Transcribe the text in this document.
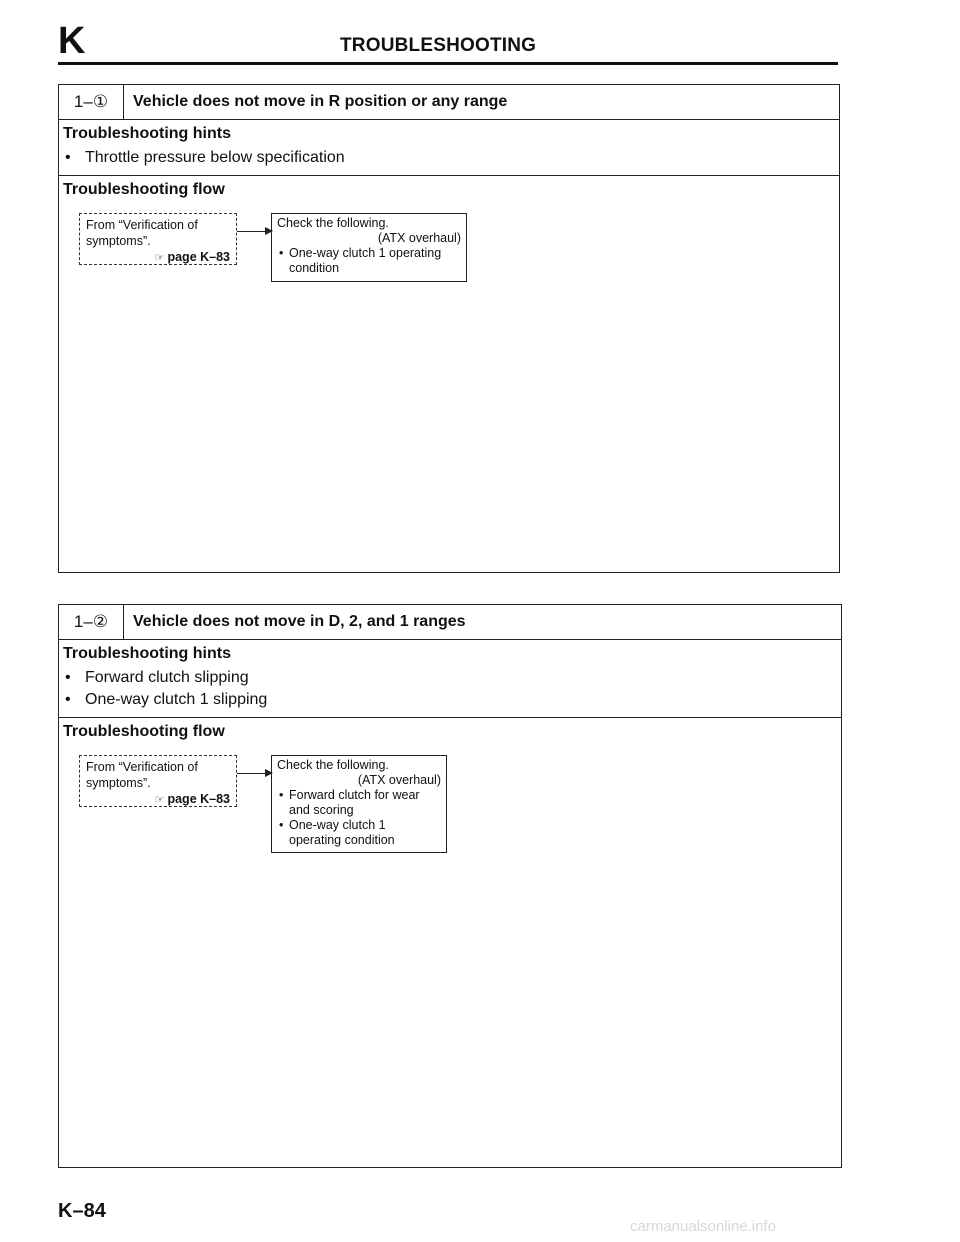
K	TROUBLESHOOTING
1–①	Vehicle does not move in R position or any range
Troubleshooting hints
• Throttle pressure below specification
Troubleshooting flow
From “Verification of symptoms”.
☞ page K–83
Check the following.
(ATX overhaul)
• One-way clutch 1 operating condition
1–②	Vehicle does not move in D, 2, and 1 ranges
Troubleshooting hints
• Forward clutch slipping
• One-way clutch 1 slipping
Troubleshooting flow
From “Verification of symptoms”.
☞ page K–83
Check the following.
(ATX overhaul)
• Forward clutch for wear and scoring
• One-way clutch 1 operating condition
K–84
carmanualsonline.info
